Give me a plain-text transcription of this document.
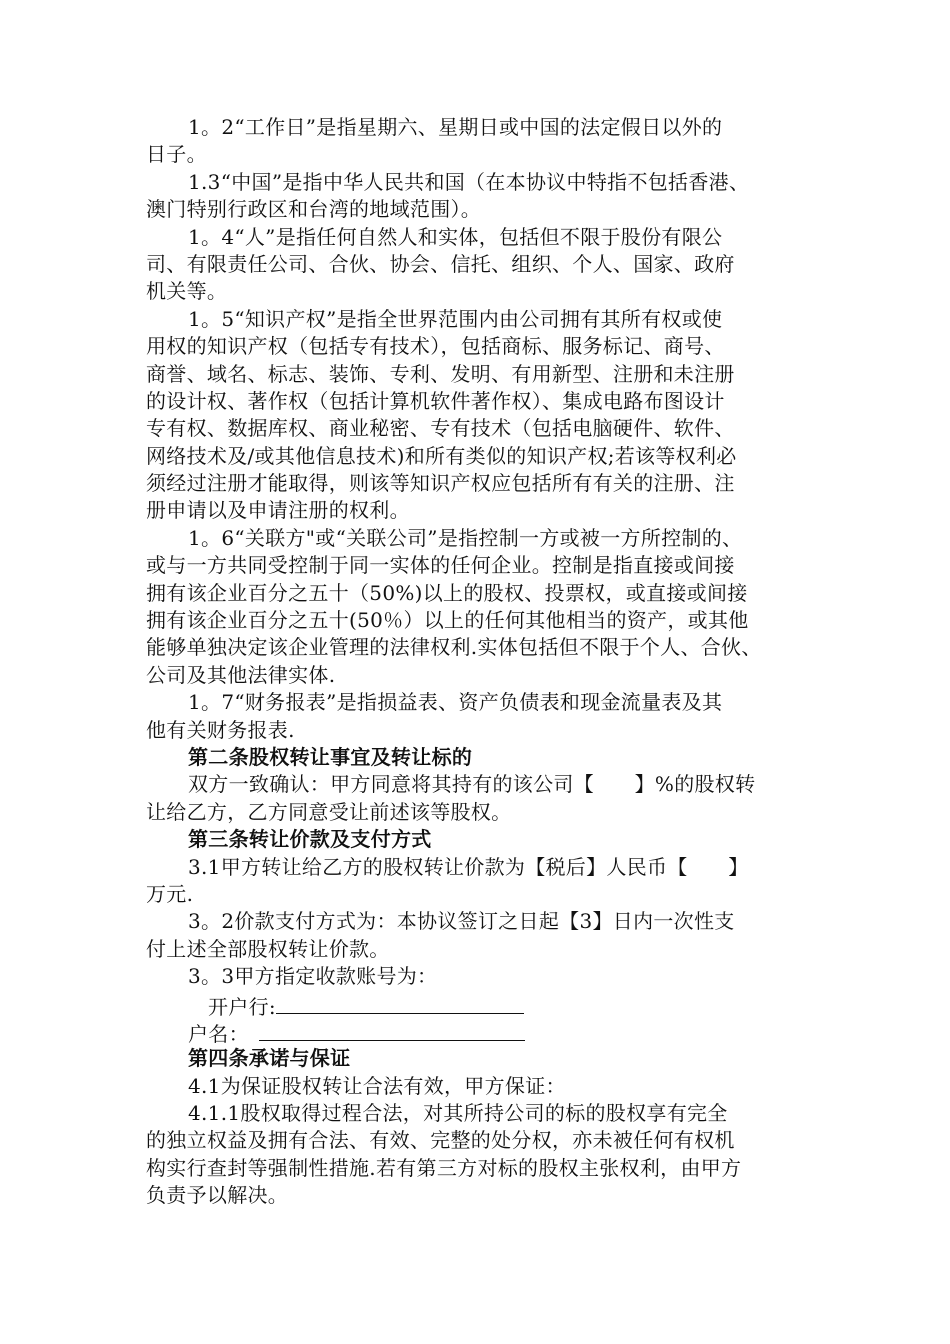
1。2“工作日”是指星期六、星期日或中国的法定假日以外的
日子。
1.3“中国”是指中华人民共和国（在本协议中特指不包括香港、
澳门特别行政区和台湾的地域范围）。
1。4“人”是指任何自然人和实体，包括但不限于股份有限公
司、有限责任公司、合伙、协会、信托、组织、个人、国家、政府
机关等。
1。5“知识产权”是指全世界范围内由公司拥有其所有权或使
用权的知识产权（包括专有技术），包括商标、服务标记、商号、
商誉、域名、标志、装饰、专利、发明、有用新型、注册和未注册
的设计权、著作权（包括计算机软件著作权）、集成电路布图设计
专有权、数据库权、商业秘密、专有技术（包括电脑硬件、软件、
网络技术及/或其他信息技术)和所有类似的知识产权;若该等权利必
须经过注册才能取得，则该等知识产权应包括所有有关的注册、注
册申请以及申请注册的权利。
1。6“关联方"或“关联公司”是指控制一方或被一方所控制的、
或与一方共同受控制于同一实体的任何企业。控制是指直接或间接
拥有该企业百分之五十（50%)以上的股权、投票权，或直接或间接
拥有该企业百分之五十(50％）以上的任何其他相当的资产，或其他
能够单独决定该企业管理的法律权利.实体包括但不限于个人、合伙、
公司及其他法律实体.
1。7“财务报表”是指损益表、资产负债表和现金流量表及其
他有关财务报表.
第二条股权转让事宜及转让标的
双方一致确认：甲方同意将其持有的该公司【　　】%的股权转
让给乙方，乙方同意受让前述该等股权。
第三条转让价款及支付方式
3.1甲方转让给乙方的股权转让价款为【税后】人民币【　　】
万元.
3。2价款支付方式为：本协议签订之日起【3】日内一次性支
付上述全部股权转让价款。
3。3甲方指定收款账号为：
开户行:
户名：
第四条承诺与保证
4.1为保证股权转让合法有效，甲方保证：
4.1.1股权取得过程合法，对其所持公司的标的股权享有完全
的独立权益及拥有合法、有效、完整的处分权，亦未被任何有权机
构实行查封等强制性措施.若有第三方对标的股权主张权利，由甲方
负责予以解决。
